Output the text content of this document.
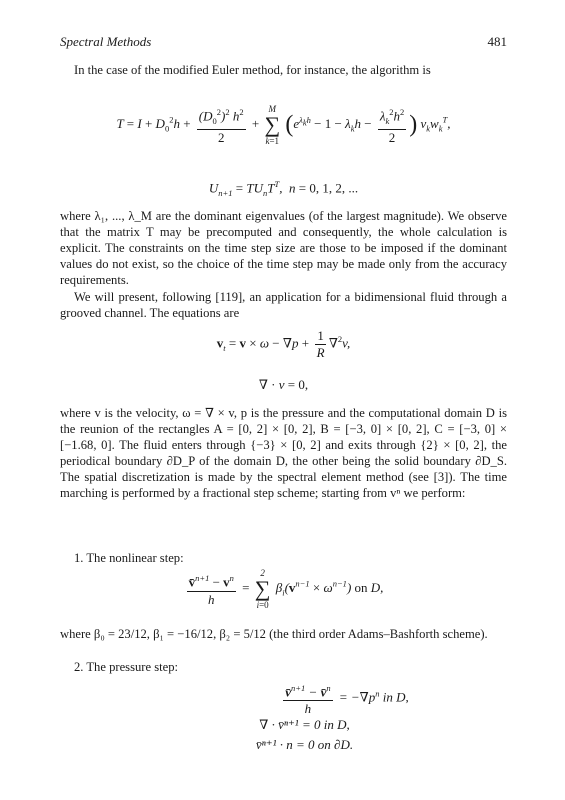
Spectral Methods	481
In the case of the modified Euler method, for instance, the algorithm is
$T = I + D_0^2h + \frac{(D_0^2)^2 h^2}{2}$ +
M
∑
k=1
($e^{\lambda_kh} - 1 - \lambda_kh - \frac{\lambda_k^2h^2}{2}$ ) $v_kw_k^T$,
$U_{n+1} = TU_nT^T$,  n = 0, 1, 2, ...
where λ₁, ..., λ_M are the dominant eigenvalues (of the largest magnitude). We observe that the matrix T may be precomputed and consequently, the whole calculation is explicit. The constraints on the time step size are those to be imposed if the dominant values do not exist, so the choice of the time step may be made only from the accuracy requirements.
We will present, following [119], an application for a bidimensional fluid through a grooved channel. The equations are
$v_t = v \times \omega - \nabla p + \frac{1}{R} \nabla^2v$,
∇ · v = 0,
where v is the velocity, ω = ∇ × v, p is the pressure and the computational domain D is the reunion of the rectangles A = [0, 2] × [0, 2], B = [−3, 0] × [0, 2], C = [−3, 0] × [−1.68, 0]. The fluid enters through {−3} × [0, 2] and exits through {2} × [0, 2], the periodical boundary ∂D_P of the domain D, the other being the solid boundary ∂D_S. The spatial discretization is made by the spectral element method (see [3]). The time marching is performed by a fractional step scheme; starting from vⁿ we perform:
1. The nonlinear step:
$\frac{v̄^{n+1} - v^n}{h}$ =
2
∑
i=0
$\beta_i(v^{n-1} \times \omega^{n-1})$ on D,
where β₀ = 23/12, β₁ = −16/12, β₂ = 5/12 (the third order Adams–Bashforth scheme).
2. The pressure step:
$\frac{v̄^{n+1} - v̄^n}{h} = -\nabla p^n$ in D,
∇ · v̄ⁿ⁺¹ = 0 in D,
v̄ⁿ⁺¹ · n = 0 on ∂D.
